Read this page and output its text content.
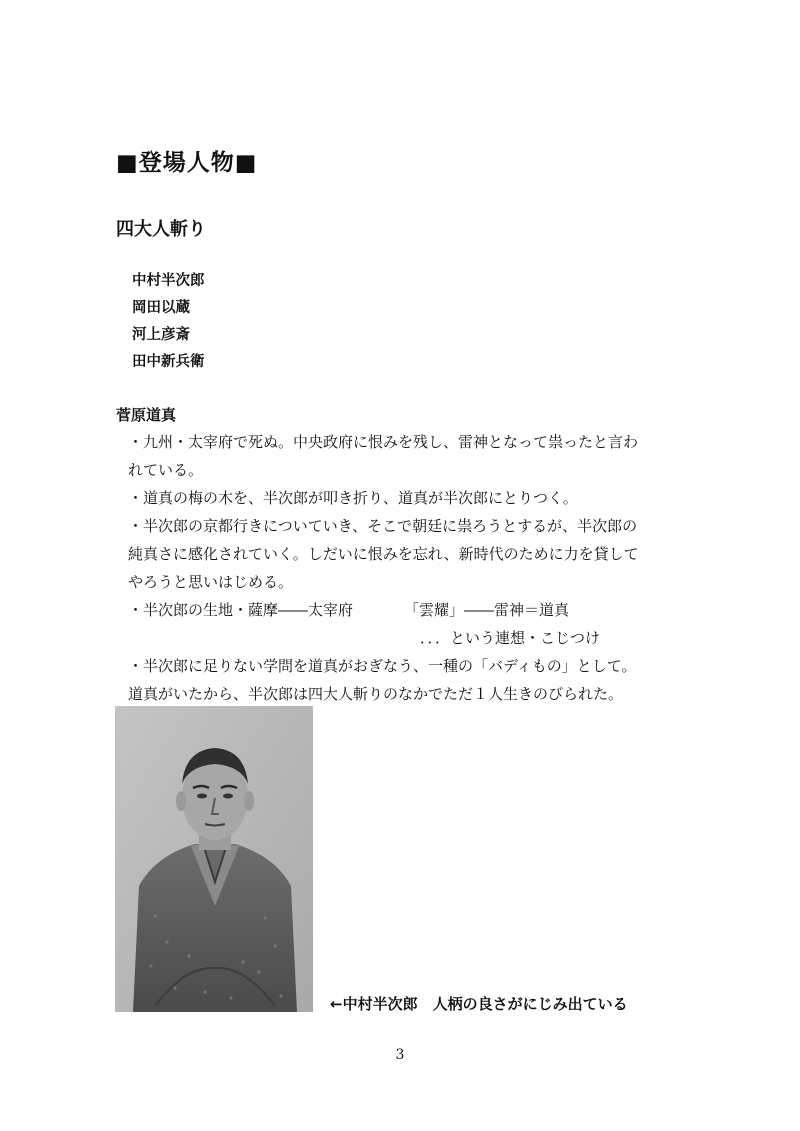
■登場人物■
四大人斬り
中村半次郎
岡田以蔵
河上彦斎
田中新兵衛
菅原道真

・九州・太宰府で死ぬ。中央政府に恨みを残し、雷神となって祟ったと言わ

れている。

・道真の梅の木を、半次郎が叩き折り、道真が半次郎にとりつく。

・半次郎の京都行きについていき、そこで朝廷に祟ろうとするが、半次郎の

純真さに感化されていく。しだいに恨みを忘れ、新時代のために力を貸して

やろうと思いはじめる。

・半次郎の生地・薩摩――太宰府	「雲耀」――雷神＝道真

．．．という連想・こじつけ

・半次郎に足りない学問を道真がおぎなう、一種の「バディもの」として。

道真がいたから、半次郎は四大人斬りのなかでただ１人生きのびられた。

←中村半次郎　人柄の良さがにじみ出ている
3
